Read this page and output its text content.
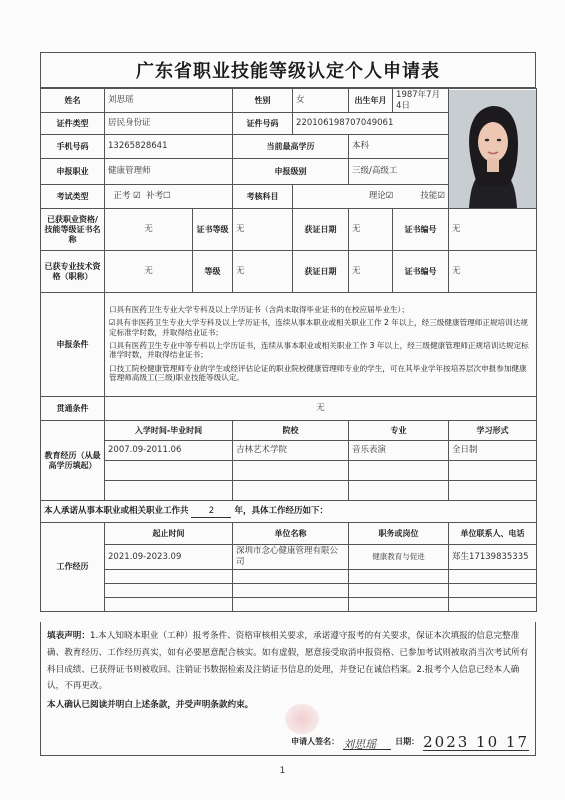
广东省职业技能等级认定个人申请表
姓名	刘思瑶		性别	女	出生年月	1987年7月4日	

证件类型	居民身份证		证件号码	220106198707049061			
手机号码	13265828641		当前最高学历		本科		
申报职业	健康管理师		申报级别		三级/高级工		
考试类型	正考 ☑  补考☐		考核科目	理论☑ 技能☑			
已获职业资格/技能等级证书名称	无	证书等级	无	获证日期	无	证书编号	无
已获专业技术资格（职称）	无	等级	无	获证日期	无	证书编号	无
申报条件	口具有医药卫生专业大学专科及以上学历证书（含尚未取得毕业证书的在校应届毕业生）；

☑具有非医药卫生专业大学专科及以上学历证书，连续从事本职业或相关职业工作 2 年以上，经三级健康管理师正规培训达规定标准学时数，并取得结业证书；

口具有医药卫生专业中等专科以上学历证书，连续从事本职业或相关职业工作 3 年以上，经三级健康管理师正规培训达规定标准学时数，并取得结业证书；

口技工院校健康管理师专业的学生或经评估论证的职业院校健康管理师专业的学生，可在其毕业学年按培养层次申报参加健康管理师高级工(三级)职业技能等级认定。						

贯通条件	无						
教育经历（从最高学历填起）	入学时间-毕业时间		院校		专业		学习形式
	2007.09-2011.06		吉林艺术学院		音乐表演		全日制

本人承诺从事本职业或相关职业工作共 2 年，具体工作经历如下：							
工作经历	起止时间		单位名称		职务或岗位		单位联系人、电话
	2021.09-2023.09		深圳市念心健康管理有限公司		健康教育与促进		郑生17139835335

填表声明：1.本人知晓本职业（工种）报考条件、资格审核相关要求，承诺遵守报考的有关要求，保证本次填报的信息完整准确、教育经历、工作经历真实，如有必要愿意配合核实。如有虚假，愿意接受取消申报资格、已参加考试则被取消当次考试所有科目成绩、已获得证书则被收回、注销证书数据检索及注销证书信息的处理，并登记在诚信档案。2.报考个人信息已经本人确认，不再更改。
本人确认已阅读并明白上述条款，并受声明条款约束。
申请人签名： 刘思瑶	日期： 2023 10 17
1
